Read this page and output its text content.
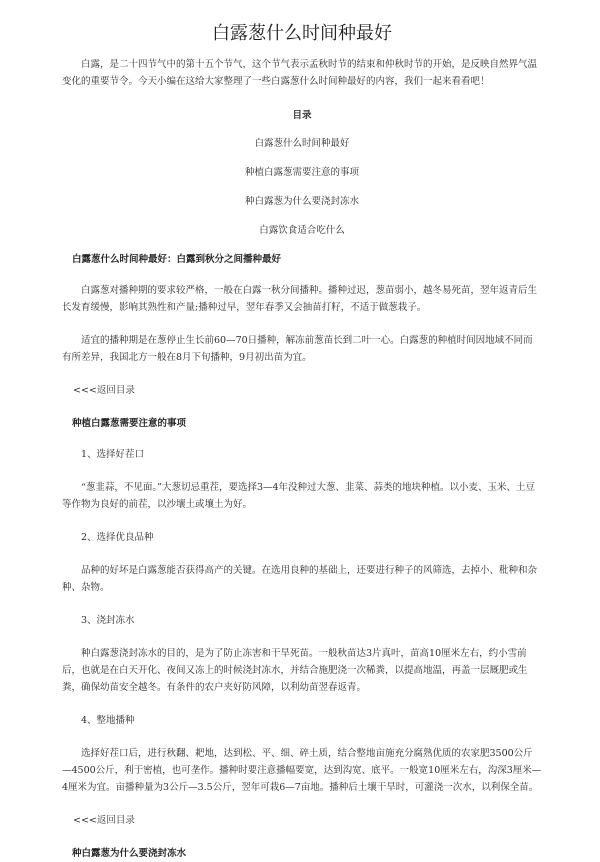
白露葱什么时间种最好

白露，是二十四节气中的第十五个节气，这个节气表示孟秋时节的结束和仲秋时节的开始，是反映自然界气温变化的重要节令。今天小编在这给大家整理了一些白露葱什么时间种最好的内容，我们一起来看看吧！

目录
白露葱什么时间种最好
种植白露葱需要注意的事项
种白露葱为什么要浇封冻水
白露饮食适合吃什么
白露葱什么时间种最好：白露到秋分之间播种最好

白露葱对播种期的要求较严格，一般在白露一秋分间播种。播种过迟，葱苗弱小，越冬易死苗，翌年返青后生长发育缓慢，影响其熟性和产量;播种过早，翌年春季又会抽苗打籽，不适于做葱栽子。

适宜的播种期是在葱停止生长前60—70日播种，解冻前葱苗长到二叶一心。白露葱的种植时间因地域不同而有所差异，我国北方一般在8月下旬播种，9月初出苗为宜。

<<<返回目录
种植白露葱需要注意的事项

1、选择好茬口

“葱韭蒜，不见面。”大葱切忌重茬，要选择3—4年没种过大葱、韭菜、蒜类的地块种植。以小麦、玉米、土豆等作物为良好的前茬，以沙壤土或壤土为好。

2、选择优良品种

品种的好坏是白露葱能否获得高产的关键。在选用良种的基础上，还要进行种子的风筛选，去掉小、秕种和杂种、杂物。

3、浇封冻水

种白露葱浇封冻水的目的，是为了防止冻害和干旱死苗。一般秋苗达3片真叶，苗高10厘米左右，约小雪前后，也就是在白天开化、夜间又冻上的时候浇封冻水，并结合施肥浇一次稀粪，以提高地温，再盖一层厩肥或生粪，确保幼苗安全越冬。有条件的农户夹好防风障，以利幼苗翌春返青。

4、整地播种

选择好茬口后，进行秋翻、耙地，达到松、平、细、碎土质，结合整地亩施充分腐熟优质的农家肥3500公斤—4500公斤，利于密植，也可垄作。播种时要注意播幅要宽，达到沟宽、底平。一般宽10厘米左右，沟深3厘米—4厘米为宜。亩播种量为3公斤—3.5公斤，翌年可栽6—7亩地。播种后土壤干旱时，可灌浇一次水，以利保全苗。

<<<返回目录
种白露葱为什么要浇封冻水
